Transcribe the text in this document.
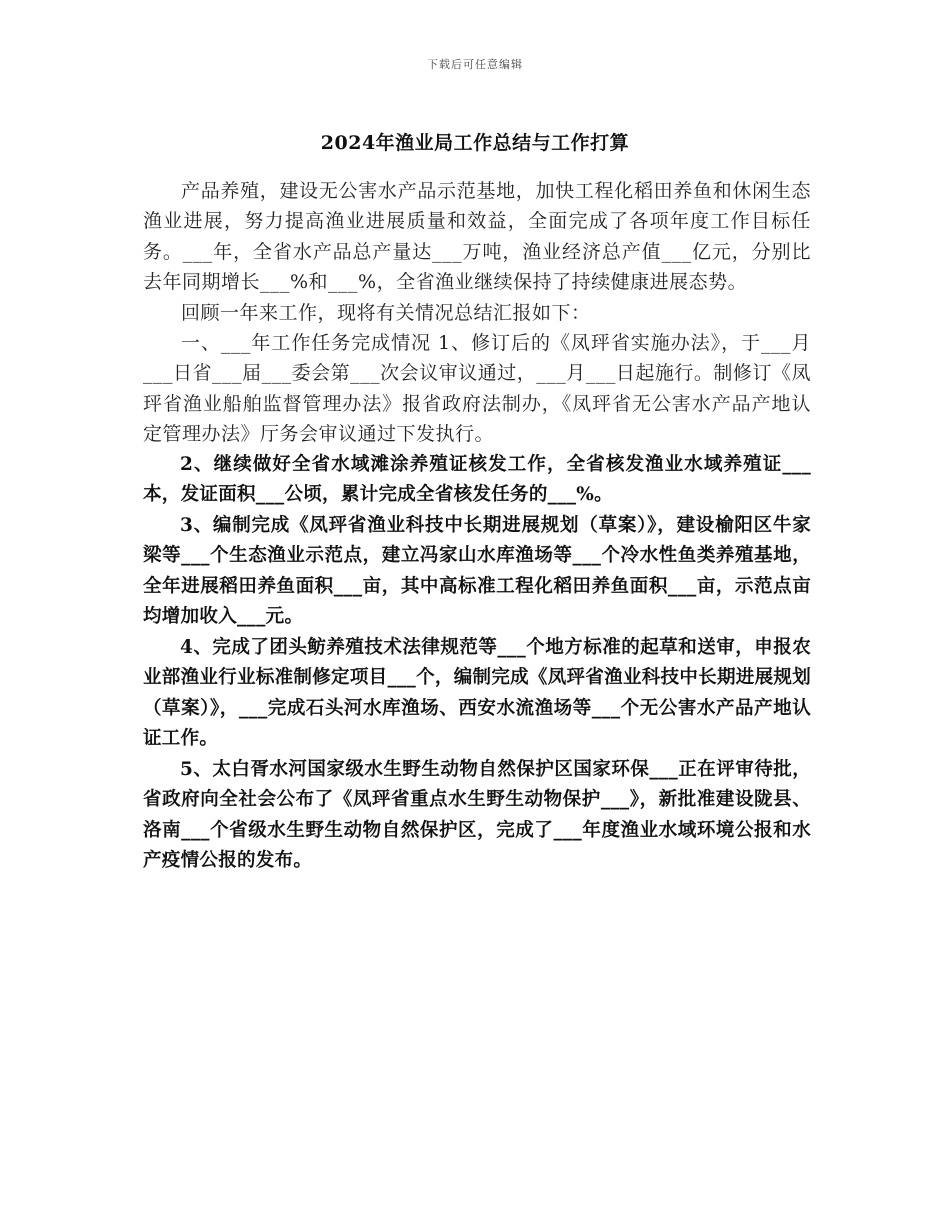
下载后可任意编辑
2024年渔业局工作总结与工作打算

产品养殖，建设无公害水产品示范基地，加快工程化稻田养鱼和休闲生态渔业进展，努力提高渔业进展质量和效益，全面完成了各项年度工作目标任务。___年，全省水产品总产量达___万吨，渔业经济总产值___亿元，分别比去年同期增长___%和___%，全省渔业继续保持了持续健康进展态势。

回顾一年来工作，现将有关情况总结汇报如下：

一、___年工作任务完成情况 1、修订后的《凤玶省实施办法》，于___月___日省___届___委会第___次会议审议通过，___月___日起施行。制修订《凤玶省渔业船舶监督管理办法》报省政府法制办，《凤玶省无公害水产品产地认定管理办法》厅务会审议通过下发执行。

2、继续做好全省水域滩涂养殖证核发工作，全省核发渔业水域养殖证___本，发证面积___公顷，累计完成全省核发任务的___%。

3、编制完成《凤玶省渔业科技中长期进展规划（草案）》，建设榆阳区牛家梁等___个生态渔业示范点，建立冯家山水库渔场等___个冷水性鱼类养殖基地，全年进展稻田养鱼面积___亩，其中高标准工程化稻田养鱼面积___亩，示范点亩均增加收入___元。

4、完成了团头鲂养殖技术法律规范等___个地方标准的起草和送审，申报农业部渔业行业标准制修定项目___个，编制完成《凤玶省渔业科技中长期进展规划（草案）》，___完成石头河水库渔场、西安水流渔场等___个无公害水产品产地认证工作。

5、太白胥水河国家级水生野生动物自然保护区国家环保___正在评审待批，省政府向全社会公布了《凤玶省重点水生野生动物保护___》，新批准建设陇县、洛南___个省级水生野生动物自然保护区，完成了___年度渔业水域环境公报和水产疫情公报的发布。
